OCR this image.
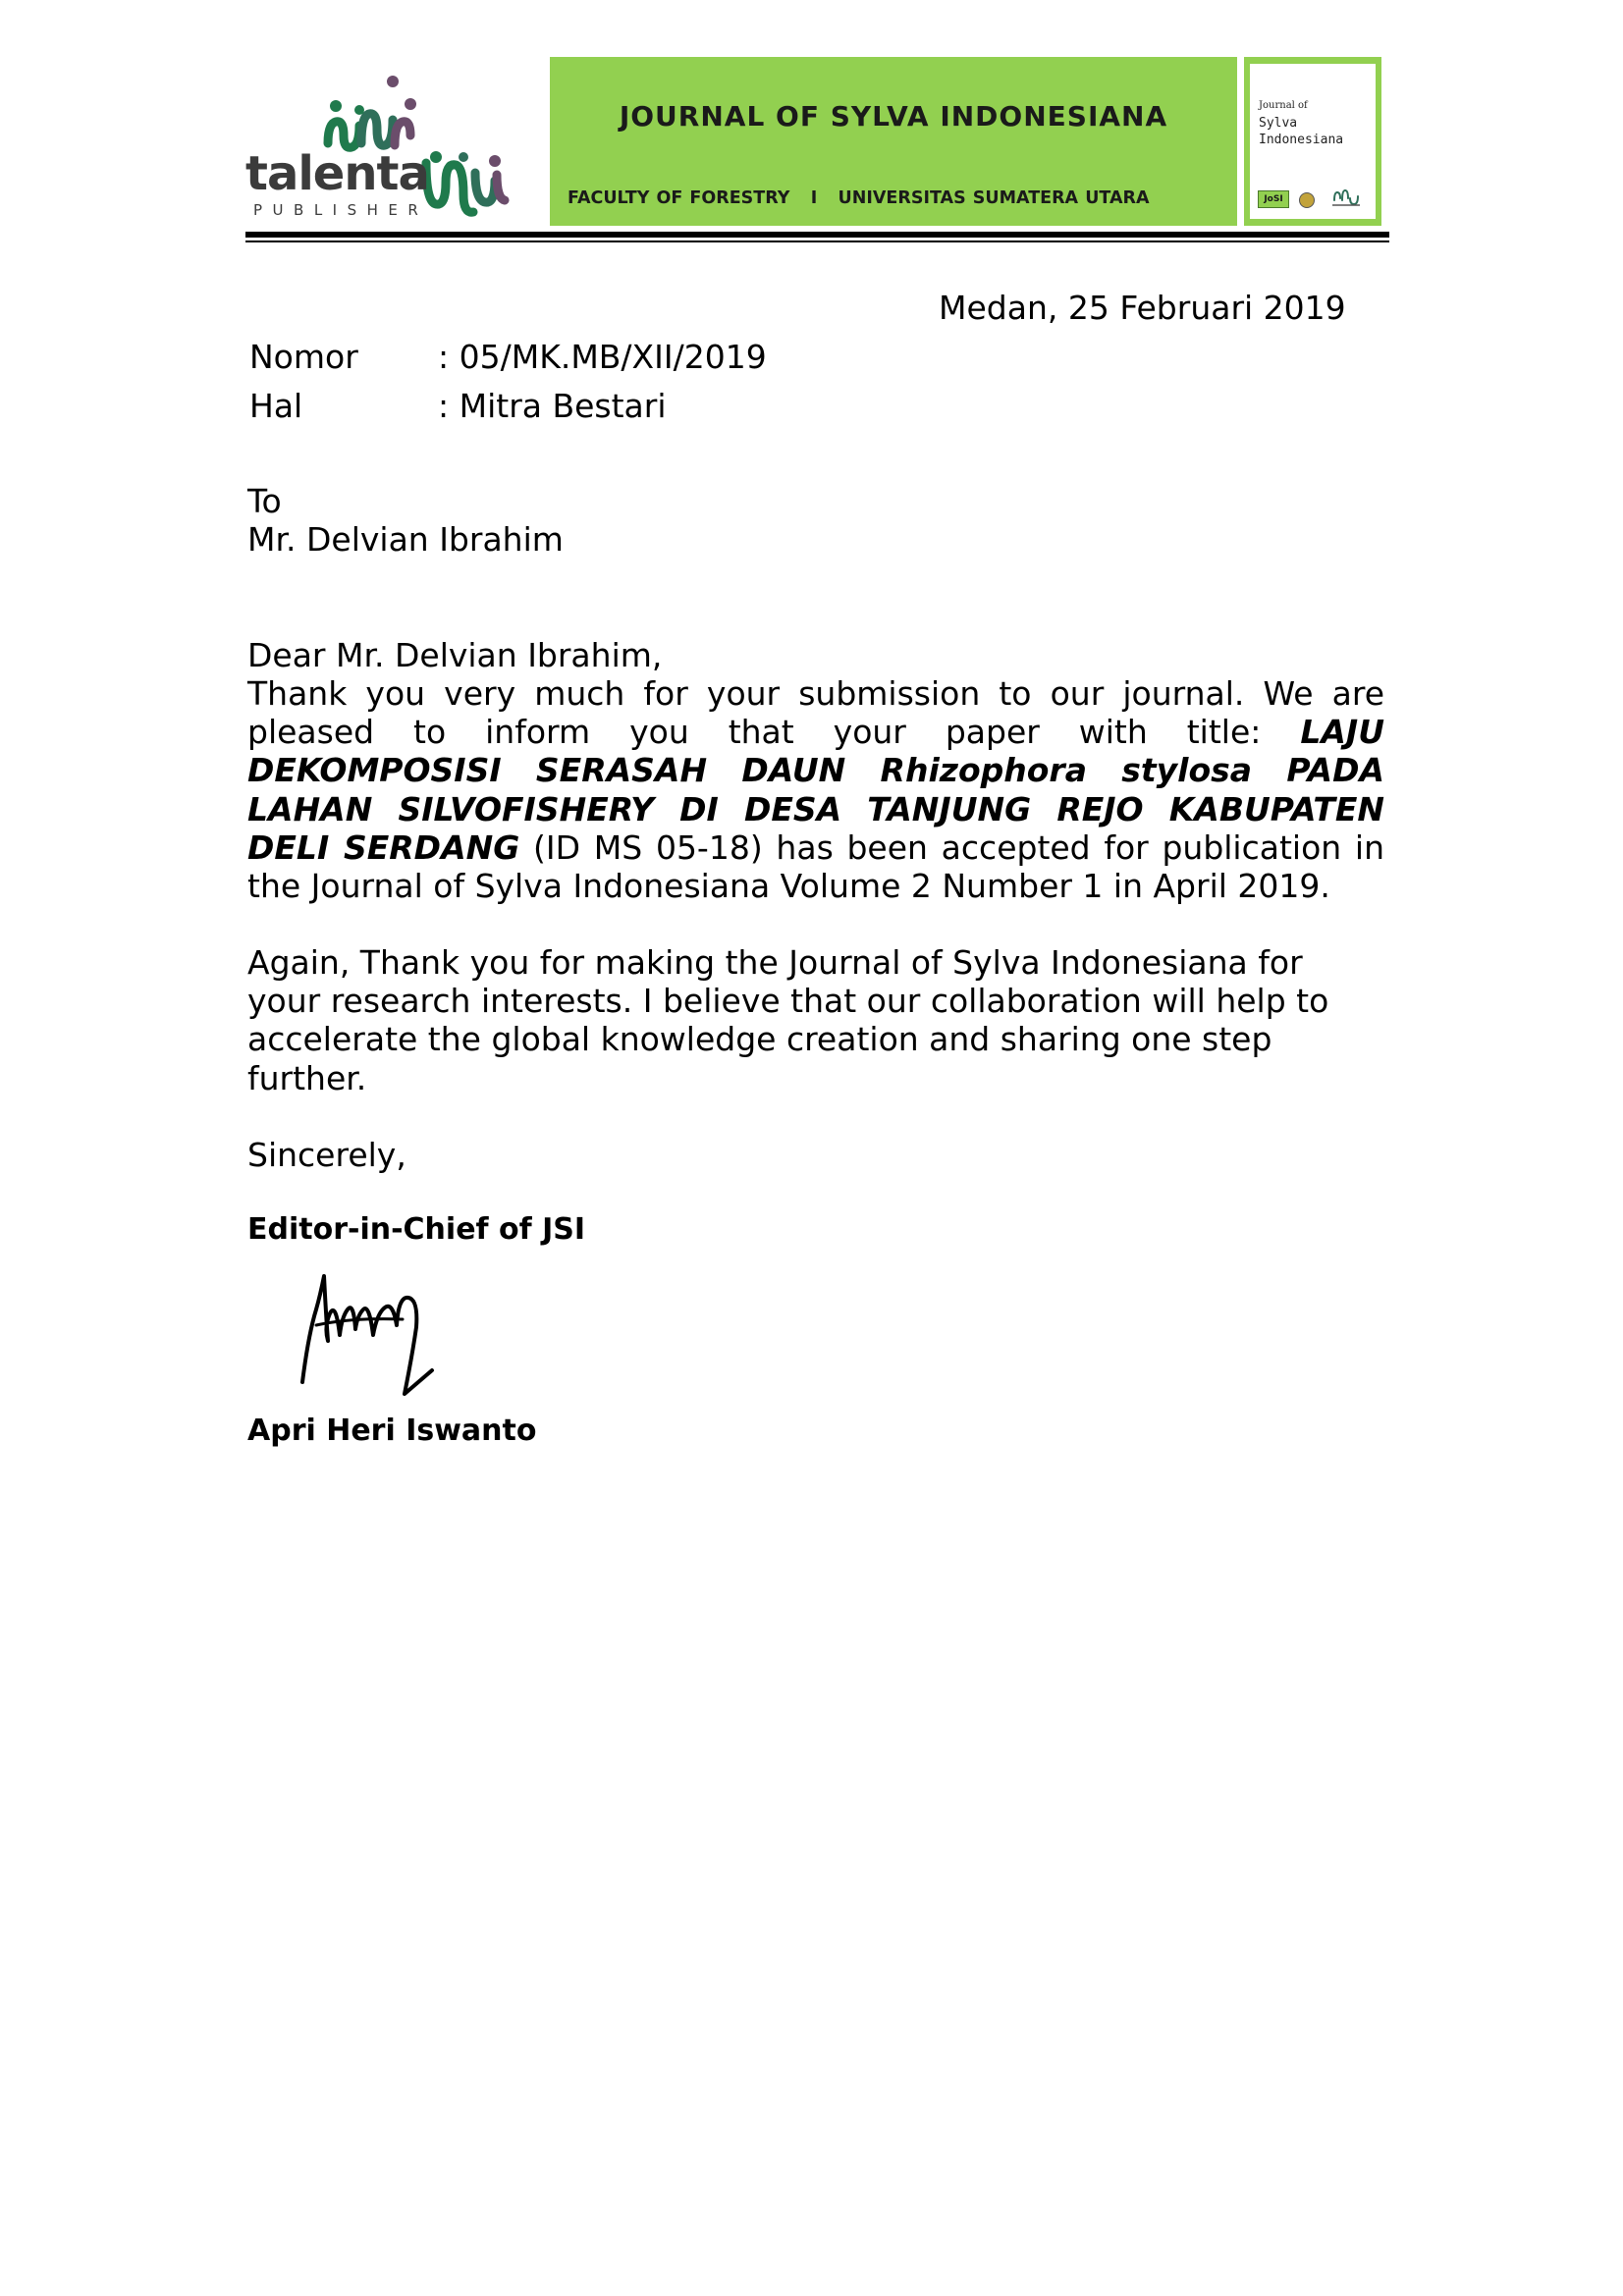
talenta
PUBLISHER
JOURNAL OF SYLVA INDONESIANA
FACULTY OF FORESTRY I UNIVERSITAS SUMATERA UTARA
Journal of
Sylva
Indonesiana
JoSI
Medan, 25 Februari 2019
Nomor : 05/MK.MB/XII/2019
Hal	: Mitra Bestari
To
Mr. Delvian Ibrahim
Dear Mr. Delvian Ibrahim,
Thank you very much for your submission to our journal. We are pleased to inform you that your paper with title: LAJU DEKOMPOSISI SERASAH DAUN Rhizophora stylosa PADA LAHAN SILVOFISHERY DI DESA TANJUNG REJO KABUPATEN DELI SERDANG (ID MS 05-18) has been accepted for publication in the Journal of Sylva Indonesiana Volume 2 Number 1 in April 2019.
Again, Thank you for making the Journal of Sylva Indonesiana for your research interests. I believe that our collaboration will help to accelerate the global knowledge creation and sharing one step further.
Sincerely,
Editor-in-Chief of JSI
Apri Heri Iswanto
